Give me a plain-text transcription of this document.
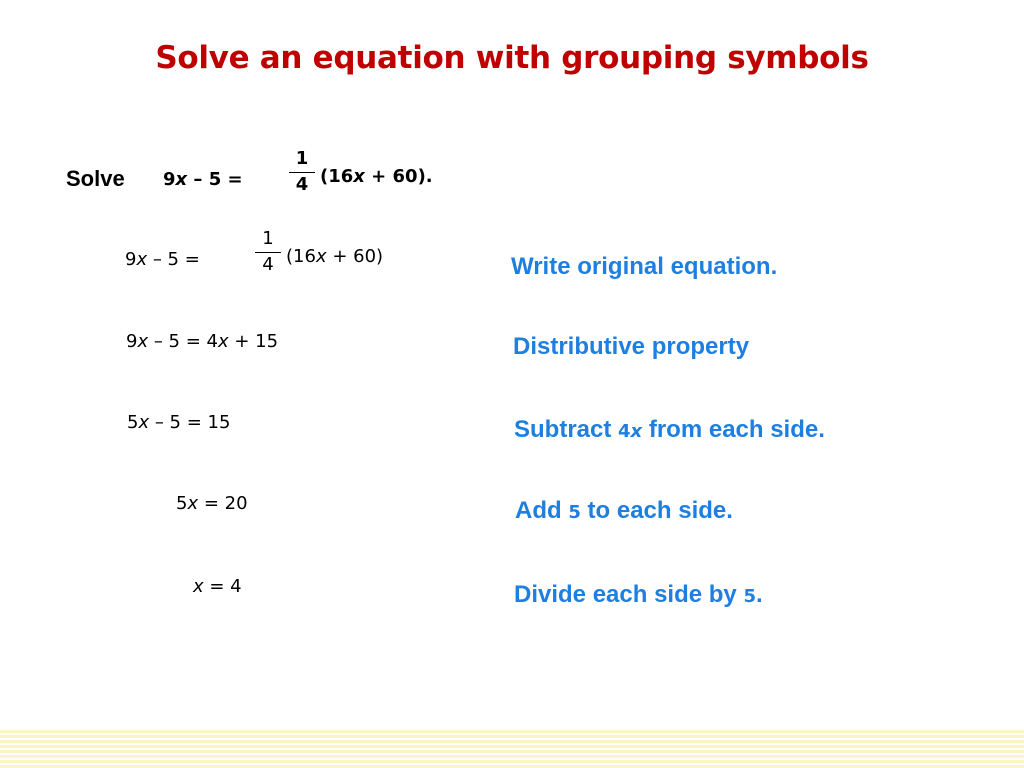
Solve an equation with grouping symbols
Solve 9x – 5 =
1
4 (16x + 60).
9x – 5 =
1
4 (16x + 60)
9x – 5 = 4x + 15
5x – 5 = 15
5x = 20
x = 4
Write original equation.
Distributive property
Subtract 4x from each side.
Add 5 to each side.
Divide each side by 5.
